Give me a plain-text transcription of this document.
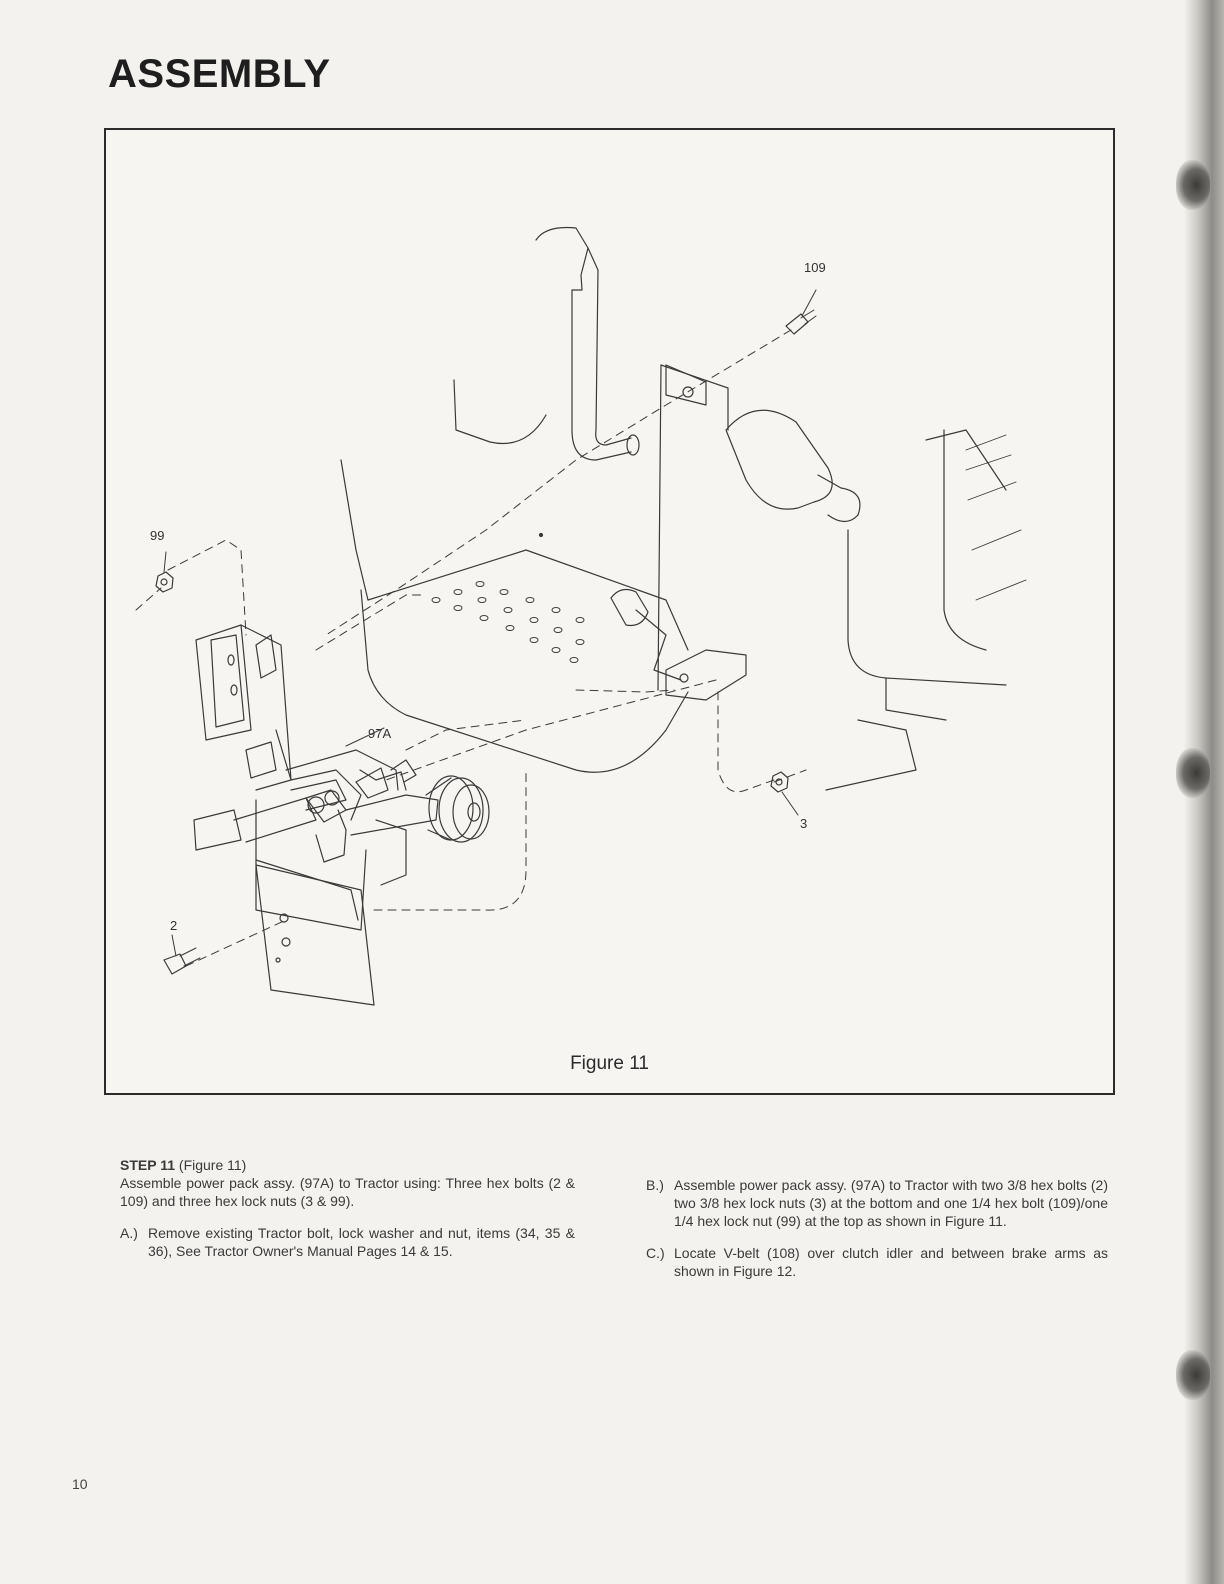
ASSEMBLY
109
99
97A
2
3
Figure 11

STEP 11 (Figure 11)

Assemble power pack assy. (97A) to Tractor using: Three hex bolts (2 & 109) and three hex lock nuts (3 & 99).

A.) Remove existing Tractor bolt, lock washer and nut, items (34, 35 & 36), See Tractor Owner's Manual Pages 14 & 15.
B.) Assemble power pack assy. (97A) to Tractor with two 3/8 hex bolts (2) two 3/8 hex lock nuts (3) at the bottom and one 1/4 hex bolt (109)/one 1/4 hex lock nut (99) at the top as shown in Figure 11.
C.) Locate V-belt (108) over clutch idler and between brake arms as shown in Figure 12.
10
